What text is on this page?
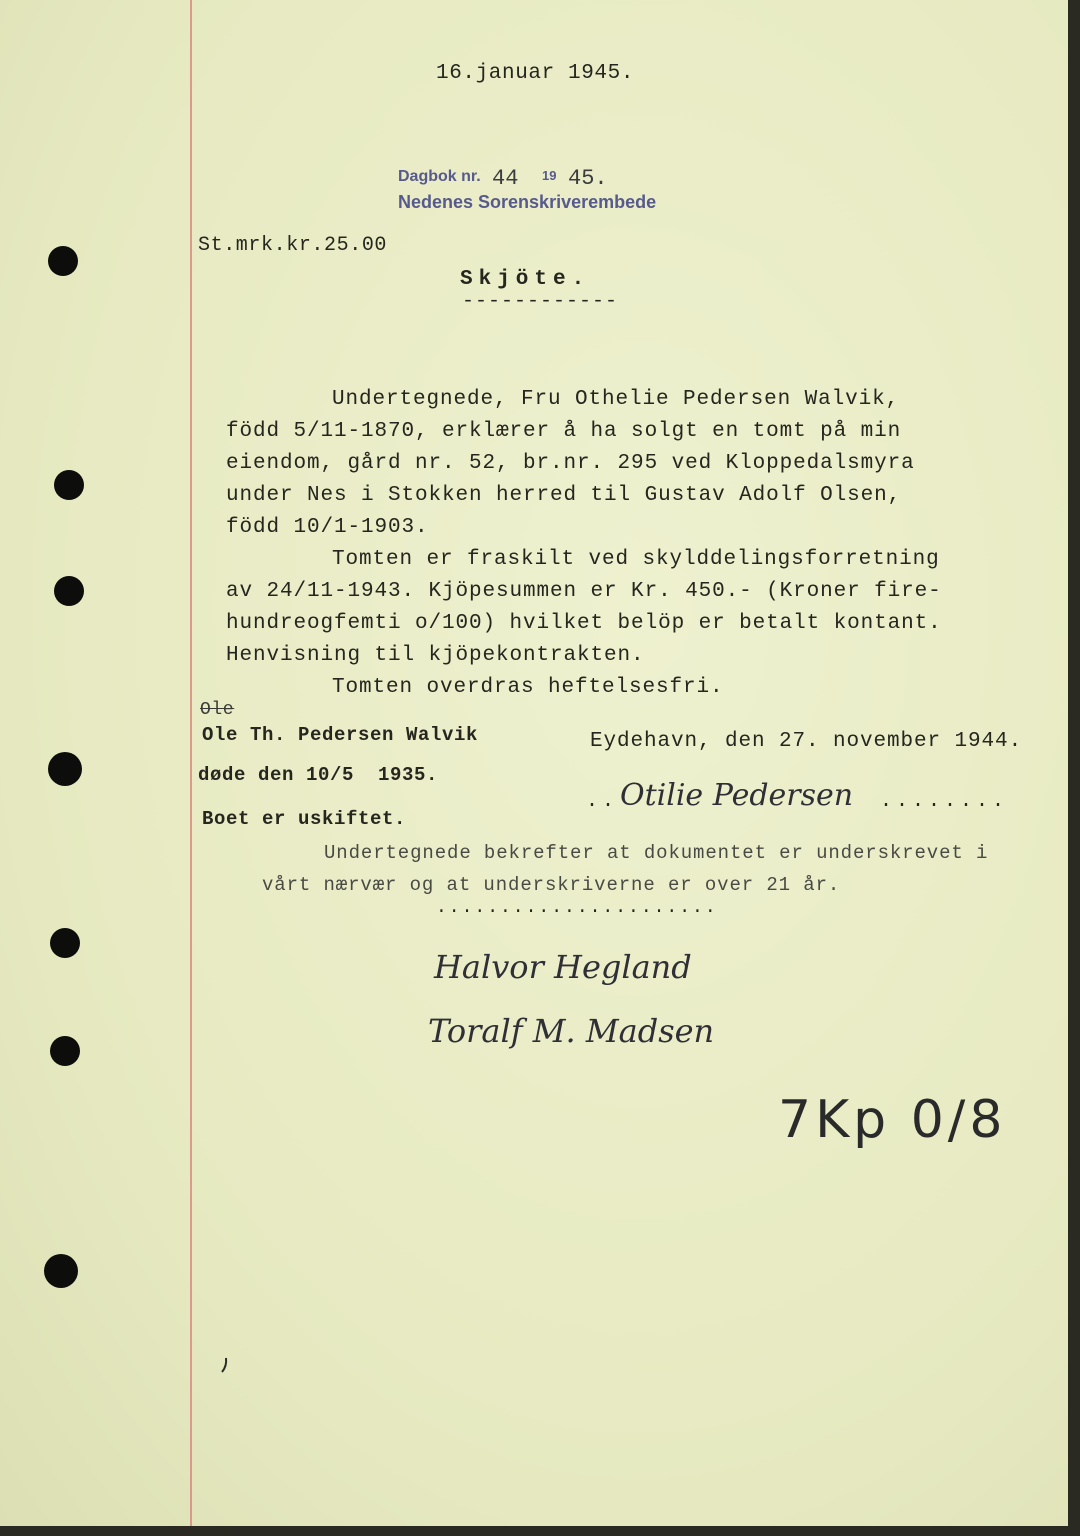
16.januar 1945.
Dagbok nr. 44 19 45.
Nedenes Sorenskriverembede
St.mrk.kr.25.00
Skjöte.
------------
Undertegnede, Fru Othelie Pedersen Walvik,
född 5/11-1870, erklærer å ha solgt en tomt på min
eiendom, gård nr. 52, br.nr. 295 ved Kloppedalsmyra
under Nes i Stokken herred til Gustav Adolf Olsen,
född 10/1-1903.
Tomten er fraskilt ved skylddelingsforretning
av 24/11-1943. Kjöpesummen er Kr. 450.- (Kroner fire-
hundreogfemti o/100) hvilket belöp er betalt kontant.
Henvisning til kjöpekontrakten.
Tomten overdras heftelsesfri.
Ole
Ole Th. Pedersen Walvik
døde den 10/5  1935.
Boet er uskiftet.
Eydehavn, den 27. november 1944.
.. Otilie Pedersen ........
Undertegnede bekrefter at dokumentet er underskrevet i
vårt nærvær og at underskriverne er over 21 år.
......................
Halvor Hegland
Toralf M. Madsen
7Kp 0/8
